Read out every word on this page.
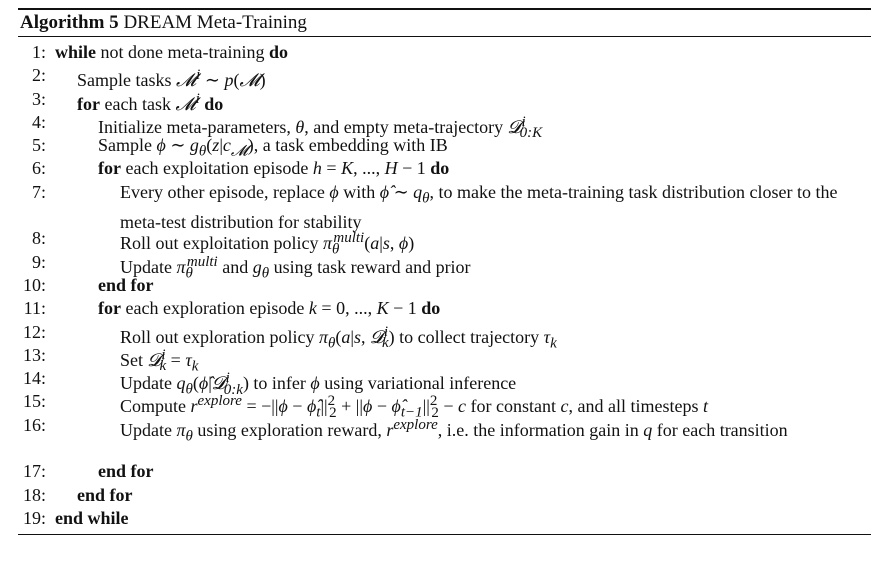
Algorithm 5 DREAM Meta-Training
1: while not done meta-training do
2:	Sample tasks 𝓜$^i$ ∼ p(𝓜)
3:	for each task 𝓜$^i$ do
4:	Initialize meta-parameters, θ, and empty meta-trajectory 𝓓$^i_{0:K}$
5:	Sample ϕ ∼ $g_\theta(z|c_𝓜)$, a task embedding with IB
6:	for each exploitation episode h = K, ..., H − 1 do
7:	Every other episode, replace ϕ with ϕ̂ ∼ $q_\theta$, to make the meta-training task distribution closer to the meta-test distribution for stability
8:	Roll out exploitation policy $\pi_\theta^{multi}(a|s$, ϕ)
9:	Update $\pi_\theta^{multi}$ and $g_\theta$ using task reward and prior
10:	end for
11:	for each exploration episode k = 0, ..., K − 1 do
12:	Roll out exploration policy $\pi_\theta(a|s$, 𝓓$^i_k$) to collect trajectory $\tau_k$
13:	Set 𝓓$^i_k$ = $\tau_k$
14:	Update $q_\theta(\phî|𝓓^i_{0:k})$ to infer ϕ using variational inference
15:	Compute $r^{explore} = -||\phi$ − $\phî_t||^2_2 + ||\phi$ − $\phî_{t-1}||^2_2 - c$ for constant c, and all timesteps t
16:	Update $\pi_\theta$ using exploration reward, $r^{explore}$, i.e. the information gain in q for each transition
17:	end for
18:	end for
19: end while
